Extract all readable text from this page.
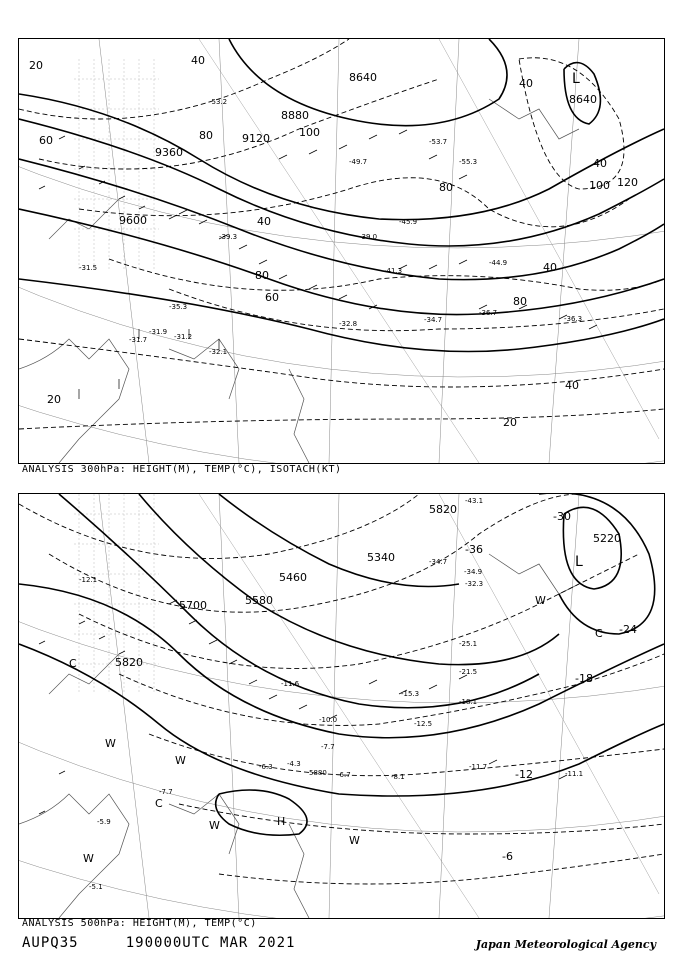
8640
8880
9120
9360
9600
8640
20	40
60	80	100
40
80
60
80	100 120
40
40
80
40
20
20
40
-31.7
-31.9
-31.2
-32.1
-35.3
-32.8	-34.7
-41.3
-44.9
-45.9
-53.7
-55.3
-53.2
-49.7
-39.3
-36.7
-36.3
-39.0
-31.5
L
ANALYSIS 300hPa: HEIGHT(M), TEMP(°C), ISOTACH(KT)
5220
5340
5460
5580
5700
5820
5880
5820
-30
-36
-24
-18
-12
-6
-43.1
-34.9
-34.7
-32.3
-25.1
-21.5
-18.1
-15.3
-12.5
-11.7
-11.1
-8.1
-6.7
-4.3
-11.6
-10.0
-7.7
-6.3
-12.1
-7.7
-5.9
-5.1
L
H
W
W
W
W
W
W
C
C
C
ANALYSIS 500hPa: HEIGHT(M), TEMP(°C)
AUPQ35	190000UTC MAR 2021	Japan Meteorological Agency
